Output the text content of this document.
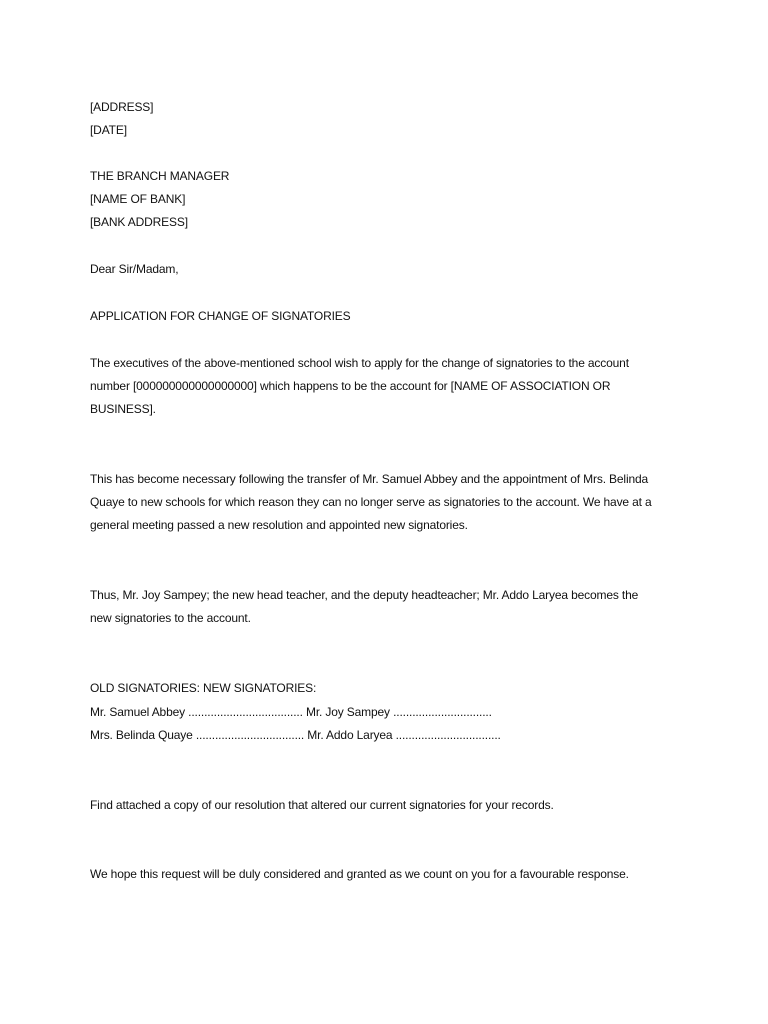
[ADDRESS]
[DATE]
THE BRANCH MANAGER
[NAME OF BANK]
[BANK ADDRESS]
Dear Sir/Madam,
APPLICATION FOR CHANGE OF SIGNATORIES
The executives of the above-mentioned school wish to apply for the change of signatories to the account
number [000000000000000000] which happens to be the account for [NAME OF ASSOCIATION OR
BUSINESS].
This has become necessary following the transfer of Mr. Samuel Abbey and the appointment of Mrs. Belinda
Quaye to new schools for which reason they can no longer serve as signatories to the account. We have at a
general meeting passed a new resolution and appointed new signatories.
Thus, Mr. Joy Sampey; the new head teacher, and the deputy headteacher; Mr. Addo Laryea becomes the
new signatories to the account.
OLD SIGNATORIES: NEW SIGNATORIES:
Mr. Samuel Abbey .................................... Mr. Joy Sampey ...............................
Mrs. Belinda Quaye .................................. Mr. Addo Laryea .................................
Find attached a copy of our resolution that altered our current signatories for your records.
We hope this request will be duly considered and granted as we count on you for a favourable response.
